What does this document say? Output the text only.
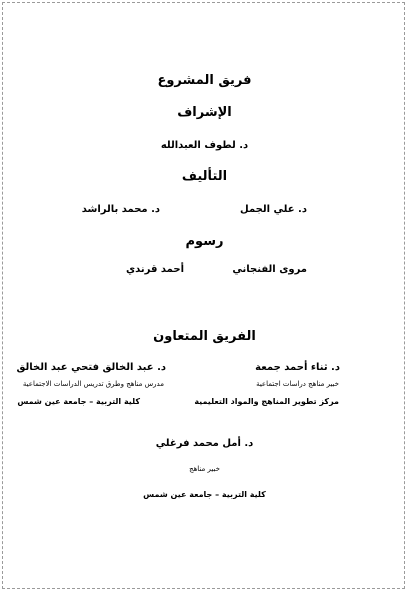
فريق المشروع
الإشراف
د. لطوف العبدالله
التأليف
د. علي الجمل
د. محمد بالراشد
رسوم
مروى الفنجاني
أحمد قرندي
الفريق المتعاون
د. ثناء أحمد جمعة
خبير مناهج دراسات اجتماعية
مركز تطوير المناهج والمواد التعليمية
د. عبد الخالق فتحي عبد الخالق
مدرس مناهج وطرق تدريس الدراسات الاجتماعية
كلية التربية – جامعة عين شمس
د. أمل محمد فرغلي
خبير مناهج
كلية التربية – جامعة عين شمس
